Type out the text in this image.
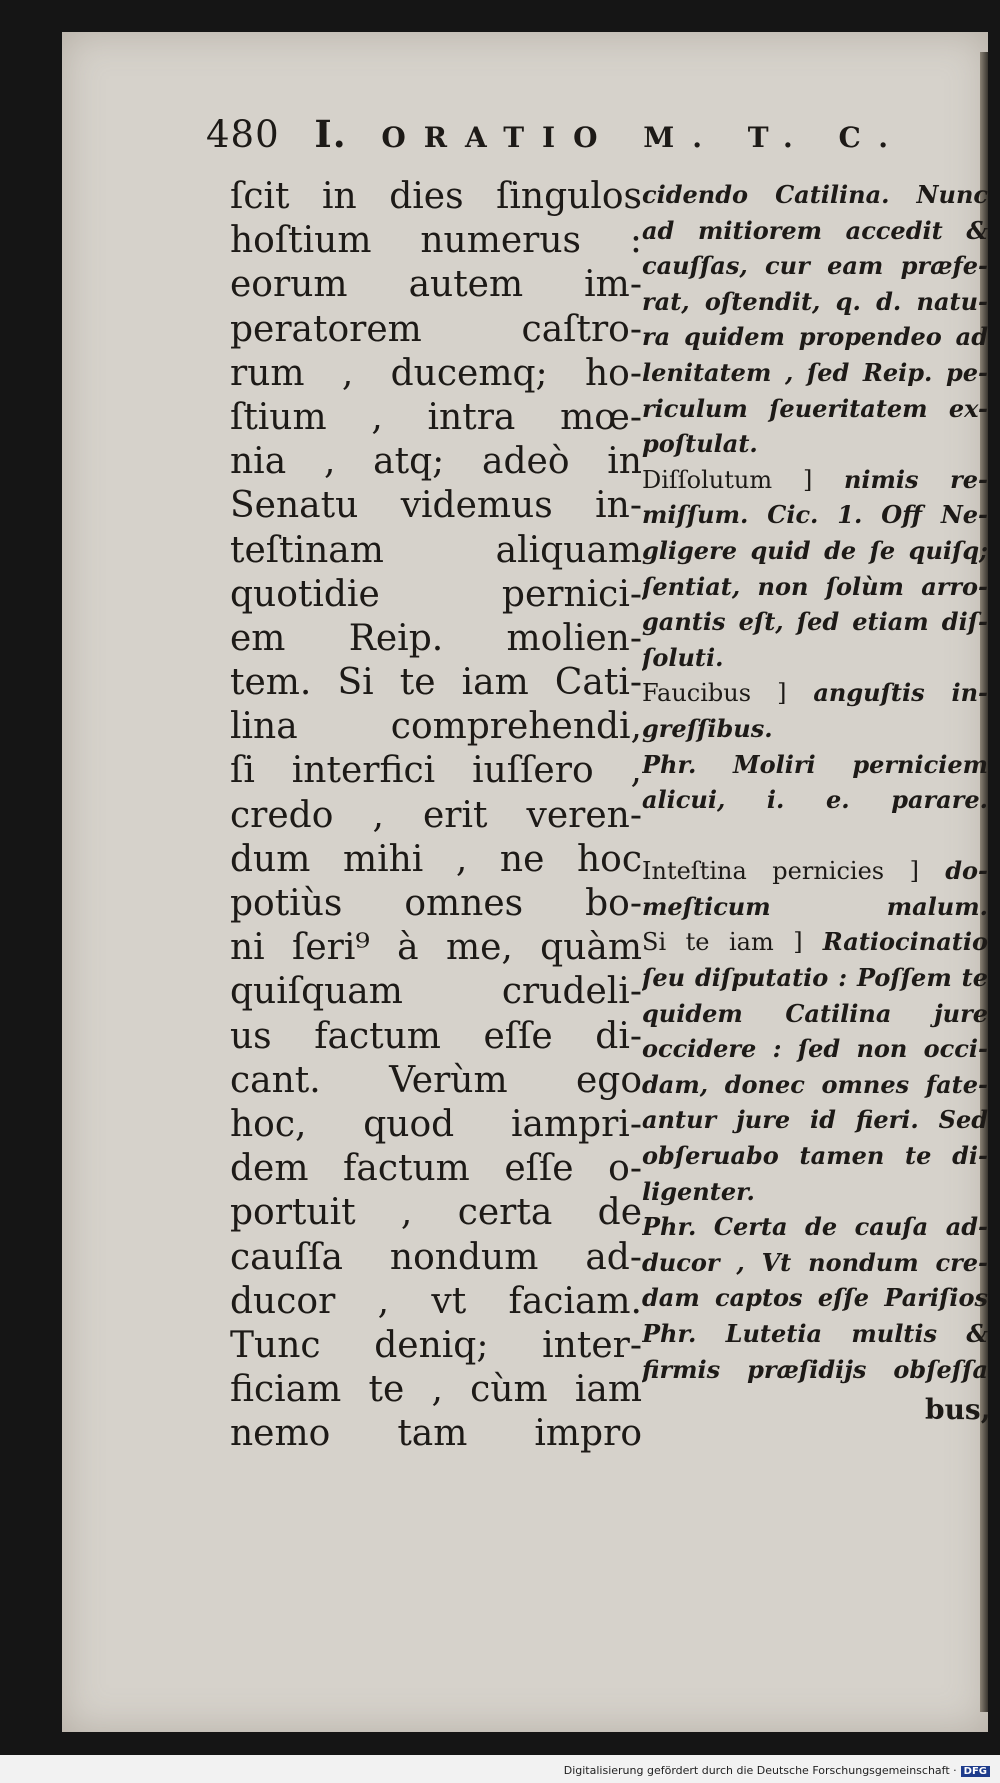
480 I. ORATIO M. T. C.
ſcit in dies ſingulos
hoſtium numerus :
eorum autem im-
peratorem caſtro-
rum , ducemq; ho-
ſtium , intra mœ-
nia , atq; adeò in
Senatu videmus in-
teſtinam aliquam
quotidie pernici-
em Reip. molien-
tem. Si te iam Cati-
lina comprehendi,
ſi interfici iuſſero ,
credo , erit veren-
dum mihi , ne hoc
potiùs omnes bo-
ni ſeri⁹ à me, quàm
quiſquam crudeli-
us factum eſſe di-
cant. Verùm ego
hoc, quod iampri-
dem factum eſſe o-
portuit , certa de
cauſſa nondum ad-
ducor , vt faciam.
Tunc deniq; inter-
ficiam te , cùm iam
nemo tam impro
cidendo Catilina. Nunc
ad mitiorem accedit &
cauſſas, cur eam præfe-
rat, oſtendit, q. d. natu-
ra quidem propendeo ad
lenitatem , ſed Reip. pe-
riculum ſeueritatem ex-
poſtulat.
Diſſolutum ] nimis re-
miſſum. Cic. 1. Off Ne-
gligere quid de ſe quiſq;
ſentiat, non ſolùm arro-
gantis eſt, ſed etiam diſ-
ſoluti.
Faucibus ] anguſtis in-
greſſibus.
Phr. Moliri perniciem
alicui, i. e. parare.
Inteſtina pernicies ] do-
meſticum malum.
Si te iam ] Ratiocinatio
ſeu diſputatio : Poſſem te
quidem Catilina jure
occidere : ſed non occi-
dam, donec omnes fate-
antur jure id fieri. Sed
obſeruabo tamen te di-
ligenter.
Phr. Certa de cauſa ad-
ducor , Vt nondum cre-
dam captos eſſe Pariſios
Phr. Lutetia multis &
firmis præſidijs obſeſſa
bus,
Digitalisierung gefördert durch die Deutsche Forschungsgemeinschaft · DFG
